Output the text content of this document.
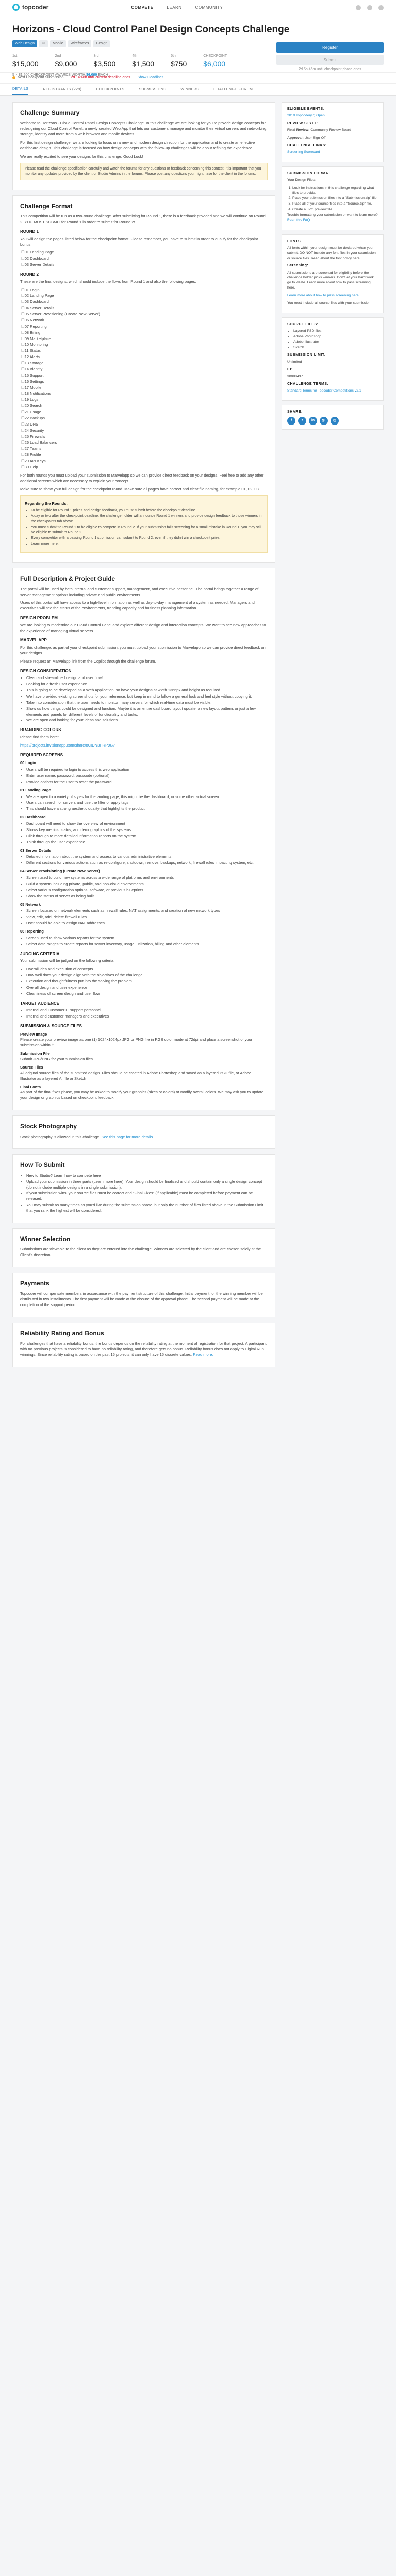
topcoder	COMPETE	LEARN	COMMUNITY
Horizons - Cloud Control Panel Design Concepts Challenge
Web Design	UI	Mobile	Wireframes	Design
1st
$15,000
2nd
$9,000
3rd
$3,500
4th
$1,500
5th
$750
CHECKPOINT
$6,000
5 × $1,200 CHECKPOINT AWARDS WORTH $6,000 EACH
Register
Submit
2d 5h 46m until checkpoint phase ends
Next Checkpoint Submission 2d 14:46h until current deadline ends Show Deadlines
DETAILS	REGISTRANTS (229)	CHECKPOINTS	SUBMISSIONS	WINNERS	CHALLENGE FORUM
Challenge Summary

Welcome to Horizons - Cloud Control Panel Design Concepts Challenge. In this challenge we are looking for you to provide design concepts for redesigning our Cloud Control Panel, a newly created Web App that lets our customers manage and monitor their virtual servers and networking, storage, identity and more from a web browser and mobile devices.

For this first design challenge, we are looking to focus on a new and modern design direction for the application and to create an effective dashboard design. This challenge is focused on how design concepts with the follow-up challenges will be about refining the experience.

We are really excited to see your designs for this challenge. Good Luck!

Please read the challenge specification carefully and watch the forums for any questions or feedback concerning this contest. It is important that you monitor any updates provided by the client or Studio Admins in the forums. Please post any questions you might have for the client in the forums.

Challenge Format

This competition will be run as a two-round challenge. After submitting for Round 1, there is a feedback provided and we will continue on Round 2. YOU MUST SUBMIT for Round 1 in order to submit for Round 2!

ROUND 1

You will design the pages listed below for the checkpoint format. Please remember, you have to submit in order to qualify for the checkpoint bonus.

☐ 01 Landing Page
☐ 02 Dashboard
☐ 03 Server Details
ROUND 2

These are the final designs, which should include the flows from Round 1 and also the following pages.

☐ 01 Login
☐ 02 Landing Page
☐ 03 Dashboard
☐ 04 Server Details
☐ 05 Server Provisioning (Create New Server)
☐ 06 Network
☐ 07 Reporting
☐ 08 Billing
☐ 09 Marketplace
☐ 10 Monitoring
☐ 11 Status
☐ 12 Alerts
☐ 13 Storage
☐ 14 Identity
☐ 15 Support
☐ 16 Settings
☐ 17 Mobile
☐ 18 Notifications
☐ 19 Logs
☐ 20 Search
☐ 21 Usage
☐ 22 Backups
☐ 23 DNS
☐ 24 Security
☐ 25 Firewalls
☐ 26 Load Balancers
☐ 27 Teams
☐ 28 Profile
☐ 29 API Keys
☐ 30 Help

For both rounds you must upload your submission to Marvelapp so we can provide direct feedback on your designs. Feel free to add any other additional screens which are necessary to explain your concept.

Make sure to show your full design for the checkpoint round. Make sure all pages have correct and clear file naming, for example 01, 02, 03.

Regarding the Rounds:
• To be eligible for Round 1 prizes and design feedback, you must submit before the checkpoint deadline.
• A day or two after the checkpoint deadline, the challenge holder will announce Round 1 winners and provide design feedback to those winners in the checkpoints tab above.
• You must submit to Round 1 to be eligible to compete in Round 2. If your submission fails screening for a small mistake in Round 1, you may still be eligible to submit to Round 2.
• Every competitor with a passing Round 1 submission can submit to Round 2, even if they didn't win a checkpoint prize.
• Learn more here.
Full Description & Project Guide

The portal will be used by both internal and customer support, management, and executive personnel. The portal brings together a range of server management options including private and public environments.

Users of this portal will have access to a high-level information as well as day-to-day management of a system as needed. Managers and executives will see the status of the environments, trending capacity and business planning information.

DESIGN PROBLEM

We are looking to modernize our Cloud Control Panel and explore different design and interaction concepts. We want to see new approaches to the experience of managing virtual servers.

MARVEL APP

For this challenge, as part of your checkpoint submission, you must upload your submission to Marvelapp so we can provide direct feedback on your designs.

Please request an Marvelapp link from the Copilot through the challenge forum.

DESIGN CONSIDERATION
• Clean and streamlined design and user flow!
• Looking for a fresh user experience.
• This is going to be developed as a Web Application, so have your designs at width 1366px and height as required.
• We have provided existing screenshots for your reference, but keep in mind to follow a general look and feel style without copying it.
• Take into consideration that the user needs to monitor many servers for which real-time data must be visible.
• Show us how things could be designed and function. Maybe it is an entire dashboard layout update, a new layout pattern, or just a few elements and panels for different levels of functionality and tasks.
• We are open and looking for your ideas and solutions.
BRANDING COLORS

Please find them here:

https://projects.invisionapp.com/share/8CIDN3HRP9G7

REQUIRED SCREENS
00 Login
• Users will be required to login to access this web application
• Enter user name, password, passcode (optional)
• Provide options for the user to reset the password
01 Landing Page
• We are open to a variety of styles for the landing page, this might be the dashboard, or some other actual screen.
• Users can search for servers and use the filter or apply tags.
• This should have a strong aesthetic quality that highlights the product
02 Dashboard
• Dashboard will need to show the overview of environment
• Shows key metrics, status, and demographics of the systems
• Click through to more detailed information reports on the system
• Think through the user experience
03 Server Details
• Detailed information about the system and access to various administrative elements
• Different sections for various actions such as re-configure, shutdown, remove, backups, network, firewall rules impacting system, etc.
04 Server Provisioning (Create New Server)
• Screen used to build new systems across a wide range of platforms and environments
• Build a system including private, public, and non-cloud environments
• Select various configuration options, software, or previous blueprints
• Show the status of server as being built
05 Network
• Screen focused on network elements such as firewall rules, NAT assignments, and creation of new network types
• View, edit, add, delete firewall rules
• User should be able to assign NAT addresses
06 Reporting
• Screen used to show various reports for the system
• Select date ranges to create reports for server inventory, usage, utilization, billing and other elements
JUDGING CRITERIA

Your submission will be judged on the following criteria:

• Overall idea and execution of concepts
• How well does your design align with the objectives of the challenge
• Execution and thoughtfulness put into the solving the problem
• Overall design and user experience
• Cleanliness of screen design and user flow
TARGET AUDIENCE
• Internal and Customer IT support personnel
• Internal and customer managers and executives
SUBMISSION & SOURCE FILES
Preview Image

Please create your preview image as one (1) 1024x1024px JPG or PNG file in RGB color mode at 72dpi and place a screenshot of your submission within it.

Submission File

Submit JPG/PNG for your submission files.

Source Files

All original source files of the submitted design. Files should be created in Adobe Photoshop and saved as a layered PSD file, or Adobe Illustrator as a layered AI file or Sketch

Final Fonts

As part of the final fixes phase, you may be asked to modify your graphics (sizes or colors) or modify overall colors. We may ask you to update your design or graphics based on checkpoint feedback.

Stock Photography

Stock photography is allowed in this challenge. See this page for more details.

How To Submit
• New to Studio? Learn how to compete here
• Upload your submission in three parts (Learn more here). Your design should be finalized and should contain only a single design concept (do not include multiple designs in a single submission).
• If your submission wins, your source files must be correct and "Final Fixes" (if applicable) must be completed before payment can be released.
• You may submit as many times as you'd like during the submission phase, but only the number of files listed above in the Submission Limit that you rank the highest will be considered.
Winner Selection

Submissions are viewable to the client as they are entered into the challenge. Winners are selected by the client and are chosen solely at the Client's discretion.

Payments

Topcoder will compensate members in accordance with the payment structure of this challenge. Initial payment for the winning member will be distributed in two installments. The first payment will be made at the closure of the approval phase. The second payment will be made at the completion of the support period.

Reliability Rating and Bonus

For challenges that have a reliability bonus, the bonus depends on the reliability rating at the moment of registration for that project. A participant with no previous projects is considered to have no reliability rating, and therefore gets no bonus. Reliability bonus does not apply to Digital Run winnings. Since reliability rating is based on the past 15 projects, it can only have 15 discrete values. Read more.

ELIGIBLE EVENTS:

2019 Topcoder(R) Open

REVIEW STYLE:

Final Review: Community Review Board

Approval: User Sign-Off

CHALLENGE LINKS:

Screening Scorecard

SUBMISSION FORMAT

Your Design Files:

1. Look for instructions in this challenge regarding what files to provide.
2. Place your submission files into a "Submission.zip" file.
3. Place all of your source files into a "Source.zip" file.
4. Create a JPG preview file.

Trouble formatting your submission or want to learn more? Read this FAQ.

FONTS

All fonts within your design must be declared when you submit. DO NOT include any font files in your submission or source files. Read about the font policy here.

Screening:

All submissions are screened for eligibility before the challenge holder picks winners. Don't let your hard work go to waste. Learn more about how to pass screening here.

Learn more about how to pass screening here.

You must include all source files with your submission.

SOURCE FILES:
• Layered PSD files
• Adobe Photoshop
• Adobe Illustrator
• Sketch
SUBMISSION LIMIT:

Unlimited

ID:

30088437

CHALLENGE TERMS:

Standard Terms for Topcoder Competitions v2.1

SHARE:
f	t	in	g+	@
